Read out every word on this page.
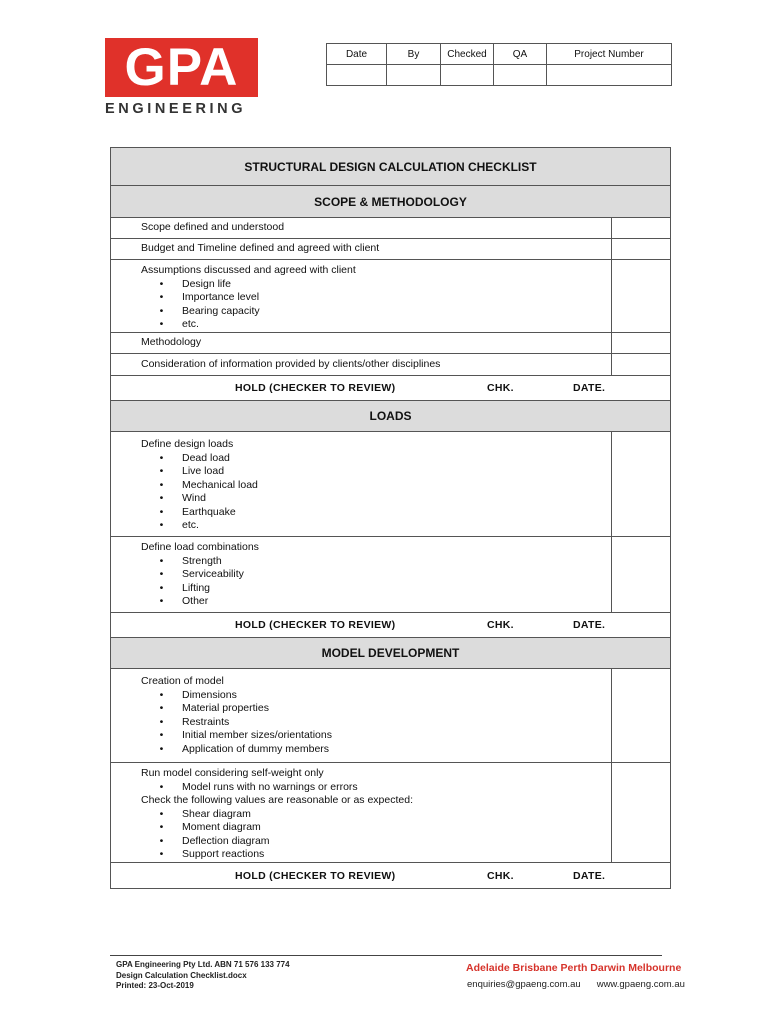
GPA
ENGINEERING
Date	By	Checked	QA	Project Number

STRUCTURAL DESIGN CALCULATION CHECKLIST
SCOPE & METHODOLOGY
Scope defined and understood
Budget and Timeline defined and agreed with client
Assumptions discussed and agreed with client
•	Design life
•	Importance level
•	Bearing capacity
•	etc.
Methodology
Consideration of information provided by clients/other disciplines
HOLD (CHECKER TO REVIEW)	CHK.	DATE.
LOADS
Define design loads
•	Dead load
•	Live load
•	Mechanical load
•	Wind
•	Earthquake
•	etc.
Define load combinations
•	Strength
•	Serviceability
•	Lifting
•	Other
HOLD (CHECKER TO REVIEW)	CHK.	DATE.
MODEL DEVELOPMENT
Creation of model
•	Dimensions
•	Material properties
•	Restraints
•	Initial member sizes/orientations
•	Application of dummy members
Run model considering self-weight only
•	Model runs with no warnings or errors
Check the following values are reasonable or as expected:
•	Shear diagram
•	Moment diagram
•	Deflection diagram
•	Support reactions
HOLD (CHECKER TO REVIEW)	CHK.	DATE.
GPA Engineering Pty Ltd. ABN 71 576 133 774
Design Calculation Checklist.docx
Printed: 23-Oct-2019
Adelaide Brisbane Perth Darwin Melbourne
enquiries@gpaeng.com.au www.gpaeng.com.au
